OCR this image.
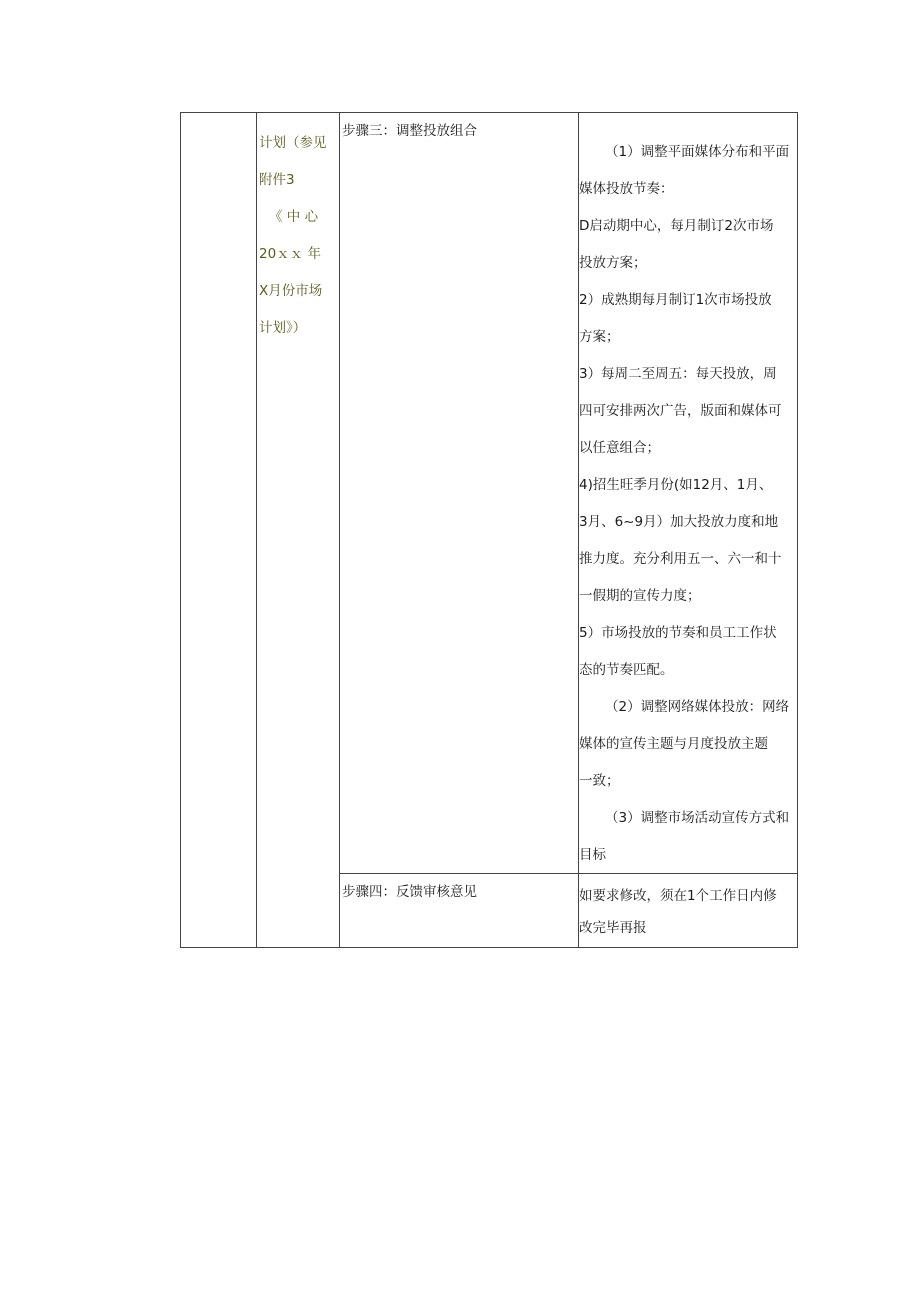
计划（参见
附件3
《 中 心
20ｘｘ 年
X月份市场
计划》）
步骤三：调整投放组合
（1）调整平面媒体分布和平面
媒体投放节奏：
D启动期中心，每月制订2次市场
投放方案；
2）成熟期每月制订1次市场投放
方案；
3）每周二至周五：每天投放，周
四可安排两次广告，版面和媒体可
以任意组合；
4)招生旺季月份(如12月、1月、
3月、6~9月）加大投放力度和地
推力度。充分利用五一、六一和十
一假期的宣传力度；
5）市场投放的节奏和员工工作状
态的节奏匹配。
（2）调整网络媒体投放：网络
媒体的宣传主题与月度投放主题
一致；
（3）调整市场活动宣传方式和
目标
步骤四：反馈审核意见	如要求修改，须在1个工作日内修
改完毕再报
